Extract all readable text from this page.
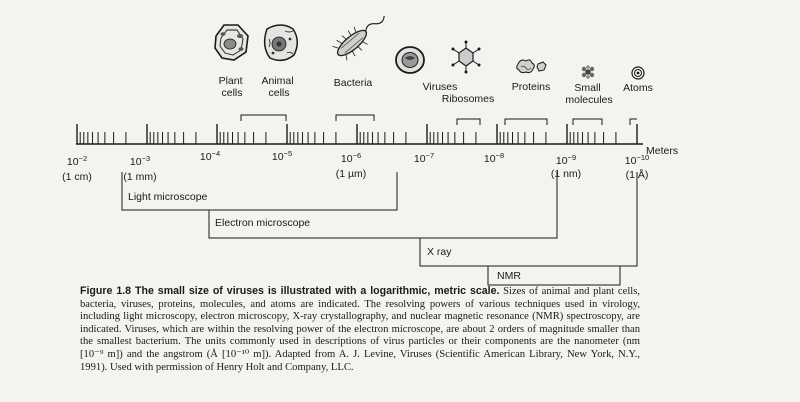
Plant cells
Animal cells
Bacteria	Viruses
Ribosomes
Proteins	Small molecules
Atoms
Meters
$10^{-2}$
(1 cm)
$10^{-3}$
(1 mm)
$10^{-4}$	$10^{-5}$	$10^{-6}$
(1 µm)
$10^{-7}$	$10^{-8}$	$10^{-9}$
(1 nm)
$10^{-10}$
(1 Å)
Light microscope
Electron microscope
X ray
NMR
Figure 1.8 The small size of viruses is illustrated with a logarithmic, metric scale. Sizes of animal and plant cells, bacteria, viruses, proteins, molecules, and atoms are indicated. The resolving powers of various techniques used in virology, including light microscopy, electron microscopy, X-ray crystallography, and nuclear magnetic resonance (NMR) spectroscopy, are indicated. Viruses, which are within the resolving power of the electron microscope, are about 2 orders of magnitude smaller than the smallest bacterium. The units commonly used in descriptions of virus particles or their components are the nanometer (nm [10⁻⁹ m]) and the angstrom (Å [10⁻¹⁰ m]). Adapted from A. J. Levine, Viruses (Scientific American Library, New York, N.Y., 1991). Used with permission of Henry Holt and Company, LLC.
